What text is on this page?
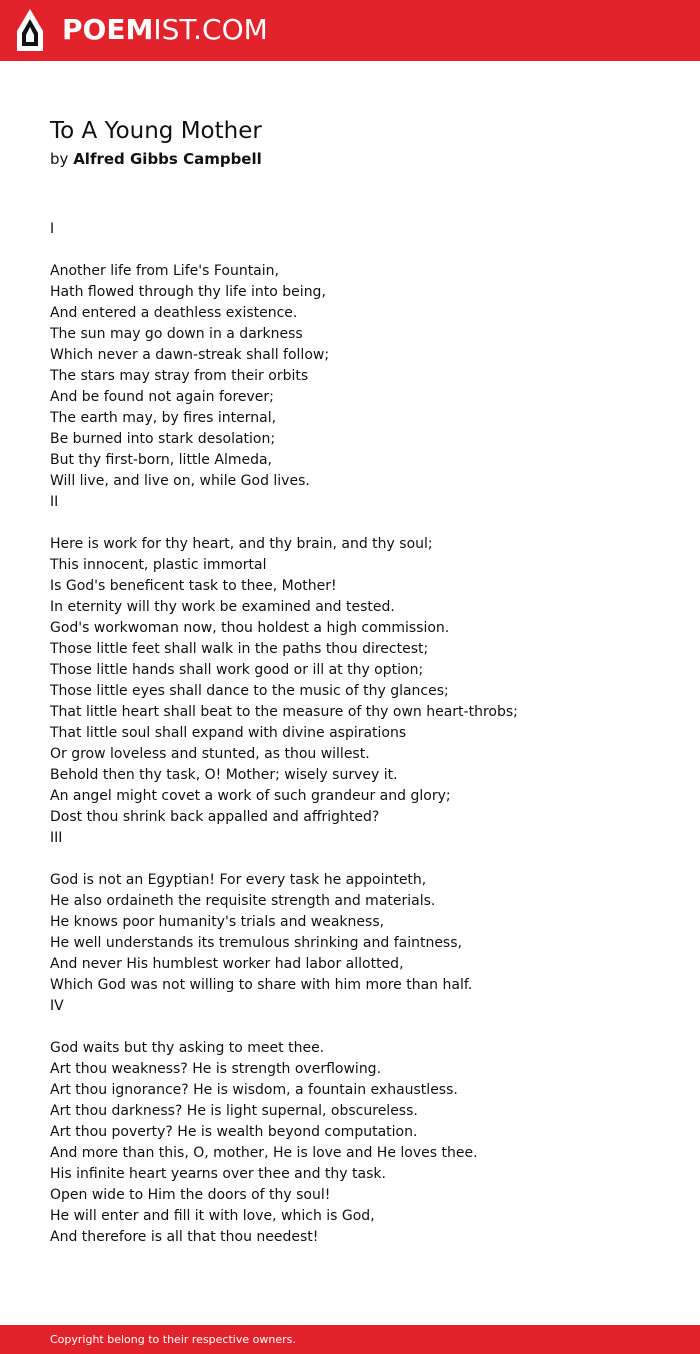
POEMIST.COM
To A Young Mother
by Alfred Gibbs Campbell
I
Another life from Life's Fountain,
Hath flowed through thy life into being,
And entered a deathless existence.
The sun may go down in a darkness
Which never a dawn-streak shall follow;
The stars may stray from their orbits
And be found not again forever;
The earth may, by fires internal,
Be burned into stark desolation;
But thy first-born, little Almeda,
Will live, and live on, while God lives.
II
Here is work for thy heart, and thy brain, and thy soul;
This innocent, plastic immortal
Is God's beneficent task to thee, Mother!
In eternity will thy work be examined and tested.
God's workwoman now, thou holdest a high commission.
Those little feet shall walk in the paths thou directest;
Those little hands shall work good or ill at thy option;
Those little eyes shall dance to the music of thy glances;
That little heart shall beat to the measure of thy own heart-throbs;
That little soul shall expand with divine aspirations
Or grow loveless and stunted, as thou willest.
Behold then thy task, O! Mother; wisely survey it.
An angel might covet a work of such grandeur and glory;
Dost thou shrink back appalled and affrighted?
III
God is not an Egyptian! For every task he appointeth,
He also ordaineth the requisite strength and materials.
He knows poor humanity's trials and weakness,
He well understands its tremulous shrinking and faintness,
And never His humblest worker had labor allotted,
Which God was not willing to share with him more than half.
IV
God waits but thy asking to meet thee.
Art thou weakness? He is strength overflowing.
Art thou ignorance? He is wisdom, a fountain exhaustless.
Art thou darkness? He is light supernal, obscureless.
Art thou poverty? He is wealth beyond computation.
And more than this, O, mother, He is love and He loves thee.
His infinite heart yearns over thee and thy task.
Open wide to Him the doors of thy soul!
He will enter and fill it with love, which is God,
And therefore is all that thou needest!
Copyright belong to their respective owners.
